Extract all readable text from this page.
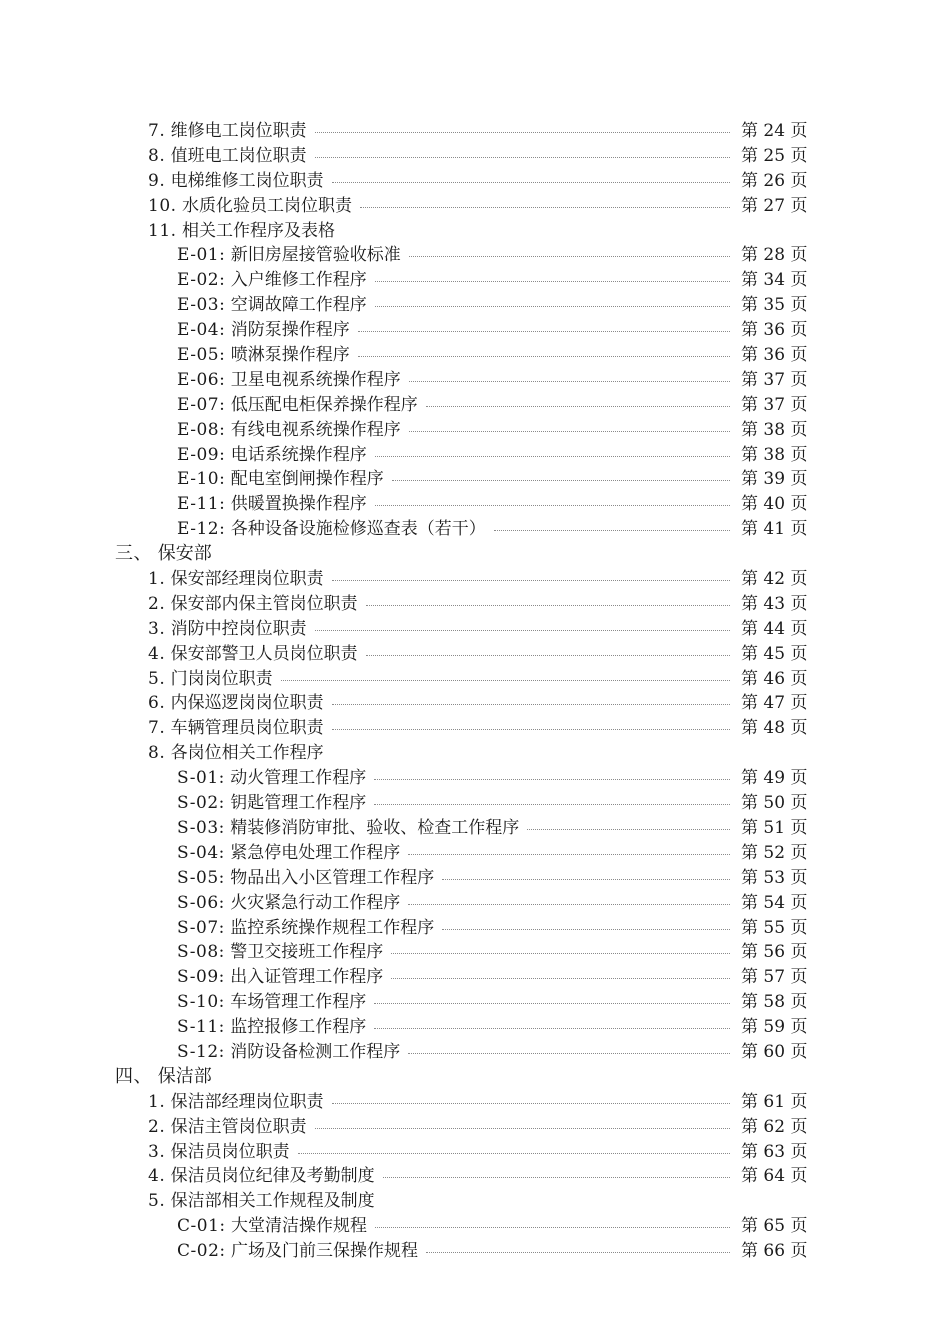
7. 维修电工岗位职责	第 24 页
8. 值班电工岗位职责	第 25 页
9. 电梯维修工岗位职责	第 26 页
10. 水质化验员工岗位职责	第 27 页
11. 相关工作程序及表格
E-01: 新旧房屋接管验收标准	第 28 页
E-02: 入户维修工作程序	第 34 页
E-03: 空调故障工作程序	第 35 页
E-04: 消防泵操作程序	第 36 页
E-05: 喷淋泵操作程序	第 36 页
E-06: 卫星电视系统操作程序	第 37 页
E-07: 低压配电柜保养操作程序	第 37 页
E-08: 有线电视系统操作程序	第 38 页
E-09: 电话系统操作程序	第 38 页
E-10: 配电室倒闸操作程序	第 39 页
E-11: 供暖置换操作程序	第 40 页
E-12: 各种设备设施检修巡查表（若干）	第 41 页
三、 保安部
1. 保安部经理岗位职责	第 42 页
2. 保安部内保主管岗位职责	第 43 页
3. 消防中控岗位职责	第 44 页
4. 保安部警卫人员岗位职责	第 45 页
5. 门岗岗位职责	第 46 页
6. 内保巡逻岗岗位职责	第 47 页
7. 车辆管理员岗位职责	第 48 页
8. 各岗位相关工作程序
S-01: 动火管理工作程序	第 49 页
S-02: 钥匙管理工作程序	第 50 页
S-03: 精装修消防审批、验收、检查工作程序	第 51 页
S-04: 紧急停电处理工作程序	第 52 页
S-05: 物品出入小区管理工作程序	第 53 页
S-06: 火灾紧急行动工作程序	第 54 页
S-07: 监控系统操作规程工作程序	第 55 页
S-08: 警卫交接班工作程序	第 56 页
S-09: 出入证管理工作程序	第 57 页
S-10: 车场管理工作程序	第 58 页
S-11: 监控报修工作程序	第 59 页
S-12: 消防设备检测工作程序	第 60 页
四、 保洁部
1. 保洁部经理岗位职责	第 61 页
2. 保洁主管岗位职责	第 62 页
3. 保洁员岗位职责	第 63 页
4. 保洁员岗位纪律及考勤制度	第 64 页
5. 保洁部相关工作规程及制度
C-01: 大堂清洁操作规程	第 65 页
C-02: 广场及门前三保操作规程	第 66 页
